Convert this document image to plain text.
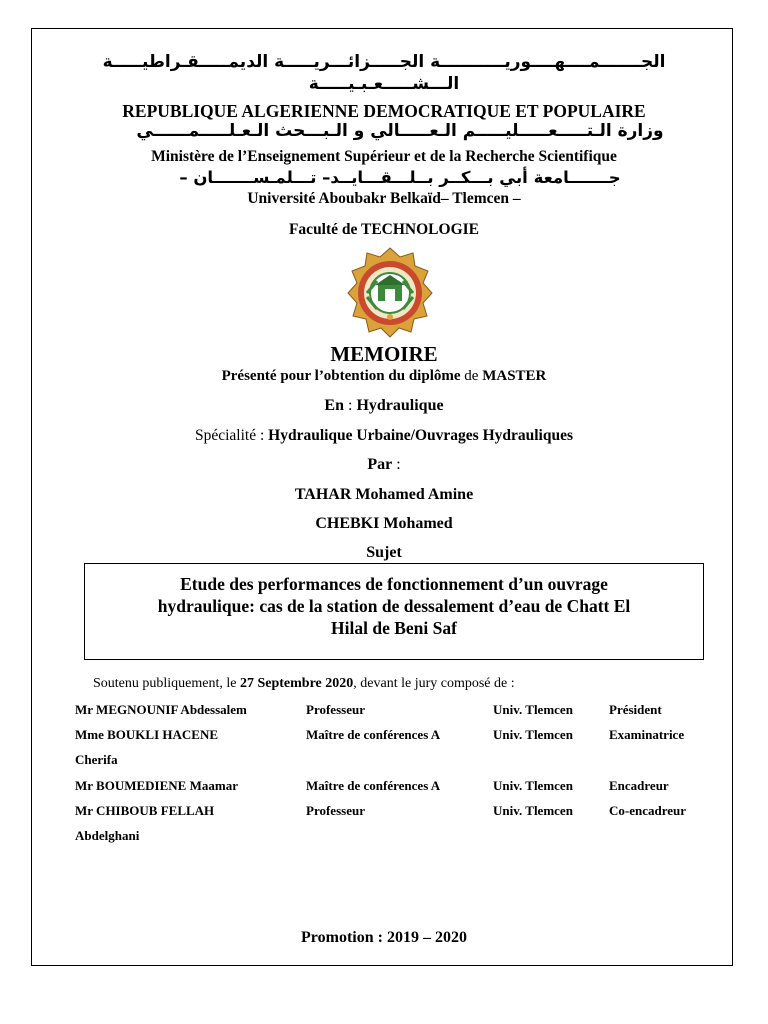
الجـــــــمــــهــــوريـــــــــــة الجـــــزائـــريـــــة الديمـــــقـراطيـــــة
الـــشـــــعـبـيـــــة
REPUBLIQUE ALGERIENNE DEMOCRATIQUE ET POPULAIRE
وزارة الـتـــــعـــــليـــــم الـعـــــالي و الـبـــحث الـعـلـــــمــــــي
Ministère de l’Enseignement Supérieur et de la Recherche Scientifique
جـــــــامعة أبي بـــكــر بــلـــقـــايــد– تـــلمـســـــــان –
Université Aboubakr Belkaïd– Tlemcen –
Faculté de TECHNOLOGIE
MEMOIRE
Présenté pour l’obtention du diplôme de MASTER
En : Hydraulique
Spécialité : Hydraulique Urbaine/Ouvrages Hydrauliques
Par :
TAHAR Mohamed Amine
CHEBKI Mohamed
Sujet
Etude des performances de fonctionnement d’un ouvrage
hydraulique: cas de la station de dessalement d’eau de Chatt El
Hilal de Beni Saf
Soutenu publiquement, le 27 Septembre 2020, devant le jury composé de :
Mr MEGNOUNIF Abdessalem	Professeur	Univ. Tlemcen	Président
Mme BOUKLI HACENE	Maître de conférences A	Univ. Tlemcen	Examinatrice
Cherifa
Mr BOUMEDIENE Maamar	Maître de conférences A	Univ. Tlemcen	Encadreur
Mr CHIBOUB FELLAH	Professeur	Univ. Tlemcen	Co-encadreur
Abdelghani
Promotion : 2019 – 2020
